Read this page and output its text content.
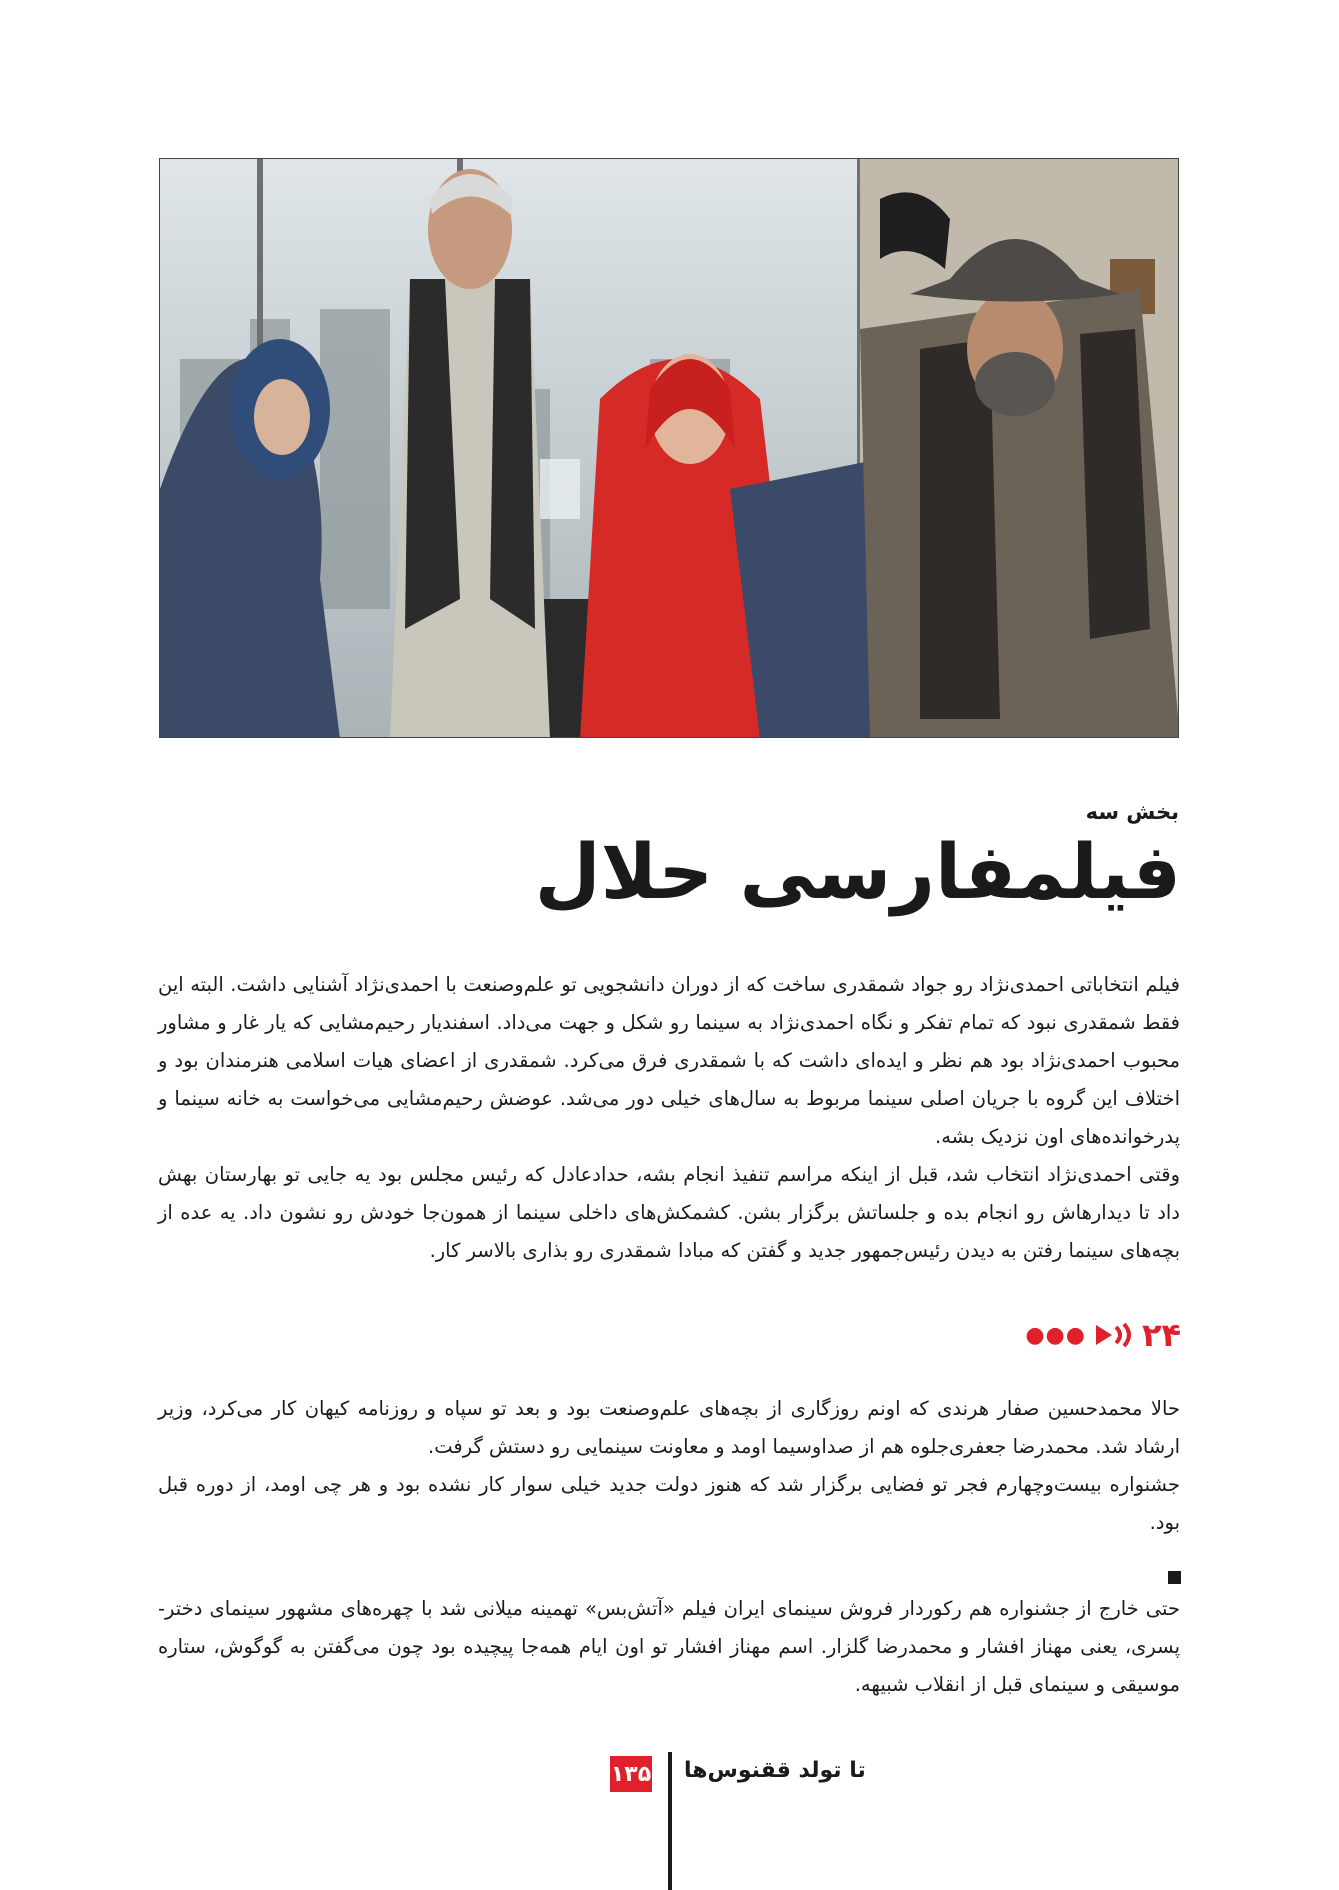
بخش سه
فیلمفارسی حلال

فیلم انتخاباتی احمدی‌نژاد رو جواد شمقدری ساخت که از دوران دانشجویی تو علم‌وصنعت با احمدی‌نژاد آشنایی داشت. البته این فقط شمقدری نبود که تمام تفکر و نگاه احمدی‌نژاد به سینما رو شکل و جهت می‌داد. اسفندیار رحیم‌مشایی که یار غار و مشاور محبوب احمدی‌نژاد بود هم نظر و ایده‌ای داشت که با شمقدری فرق می‌کرد. شمقدری از اعضای هیات اسلامی هنرمندان بود و اختلاف این گروه با جریان اصلی سینما مربوط به سال‌های خیلی دور می‌شد. عوضش رحیم‌مشایی می‌خواست به خانه سینما و پدرخوانده‌های اون نزدیک بشه.

وقتی احمدی‌نژاد انتخاب شد، قبل از اینکه مراسم تنفیذ انجام بشه، حدادعادل که رئیس مجلس بود یه جایی تو بهارستان بهش داد تا دیدارهاش رو انجام بده و جلساتش برگزار بشن. کشمکش‌های داخلی سینما از همون‌جا خودش رو نشون داد. یه عده از بچه‌های سینما رفتن به دیدن رئیس‌جمهور جدید و گفتن که مبادا شمقدری رو بذاری بالاسر کار.

●●● ۲۴

حالا محمدحسین صفار هرندی که اونم روزگاری از بچه‌های علم‌وصنعت بود و بعد تو سپاه و روزنامه کیهان کار می‌کرد، وزیر ارشاد شد. محمدرضا جعفری‌جلوه هم از صداوسیما اومد و معاونت سینمایی رو دستش گرفت.

جشنواره بیست‌وچهارم فجر تو فضایی برگزار شد که هنوز دولت جدید خیلی سوار کار نشده بود و هر چی اومد، از دوره قبل بود.

حتی خارج از جشنواره هم رکوردار فروش سینمای ایران فیلم «آتش‌بس» تهمینه میلانی شد با چهره‌های مشهور سینمای دختر-پسری، یعنی مهناز افشار و محمدرضا گلزار. اسم مهناز افشار تو اون ایام همه‌جا پیچیده بود چون می‌گفتن به گوگوش، ستاره موسیقی و سینمای قبل از انقلاب شبیهه.

۱۳۵ تا تولد ققنوس‌ها
